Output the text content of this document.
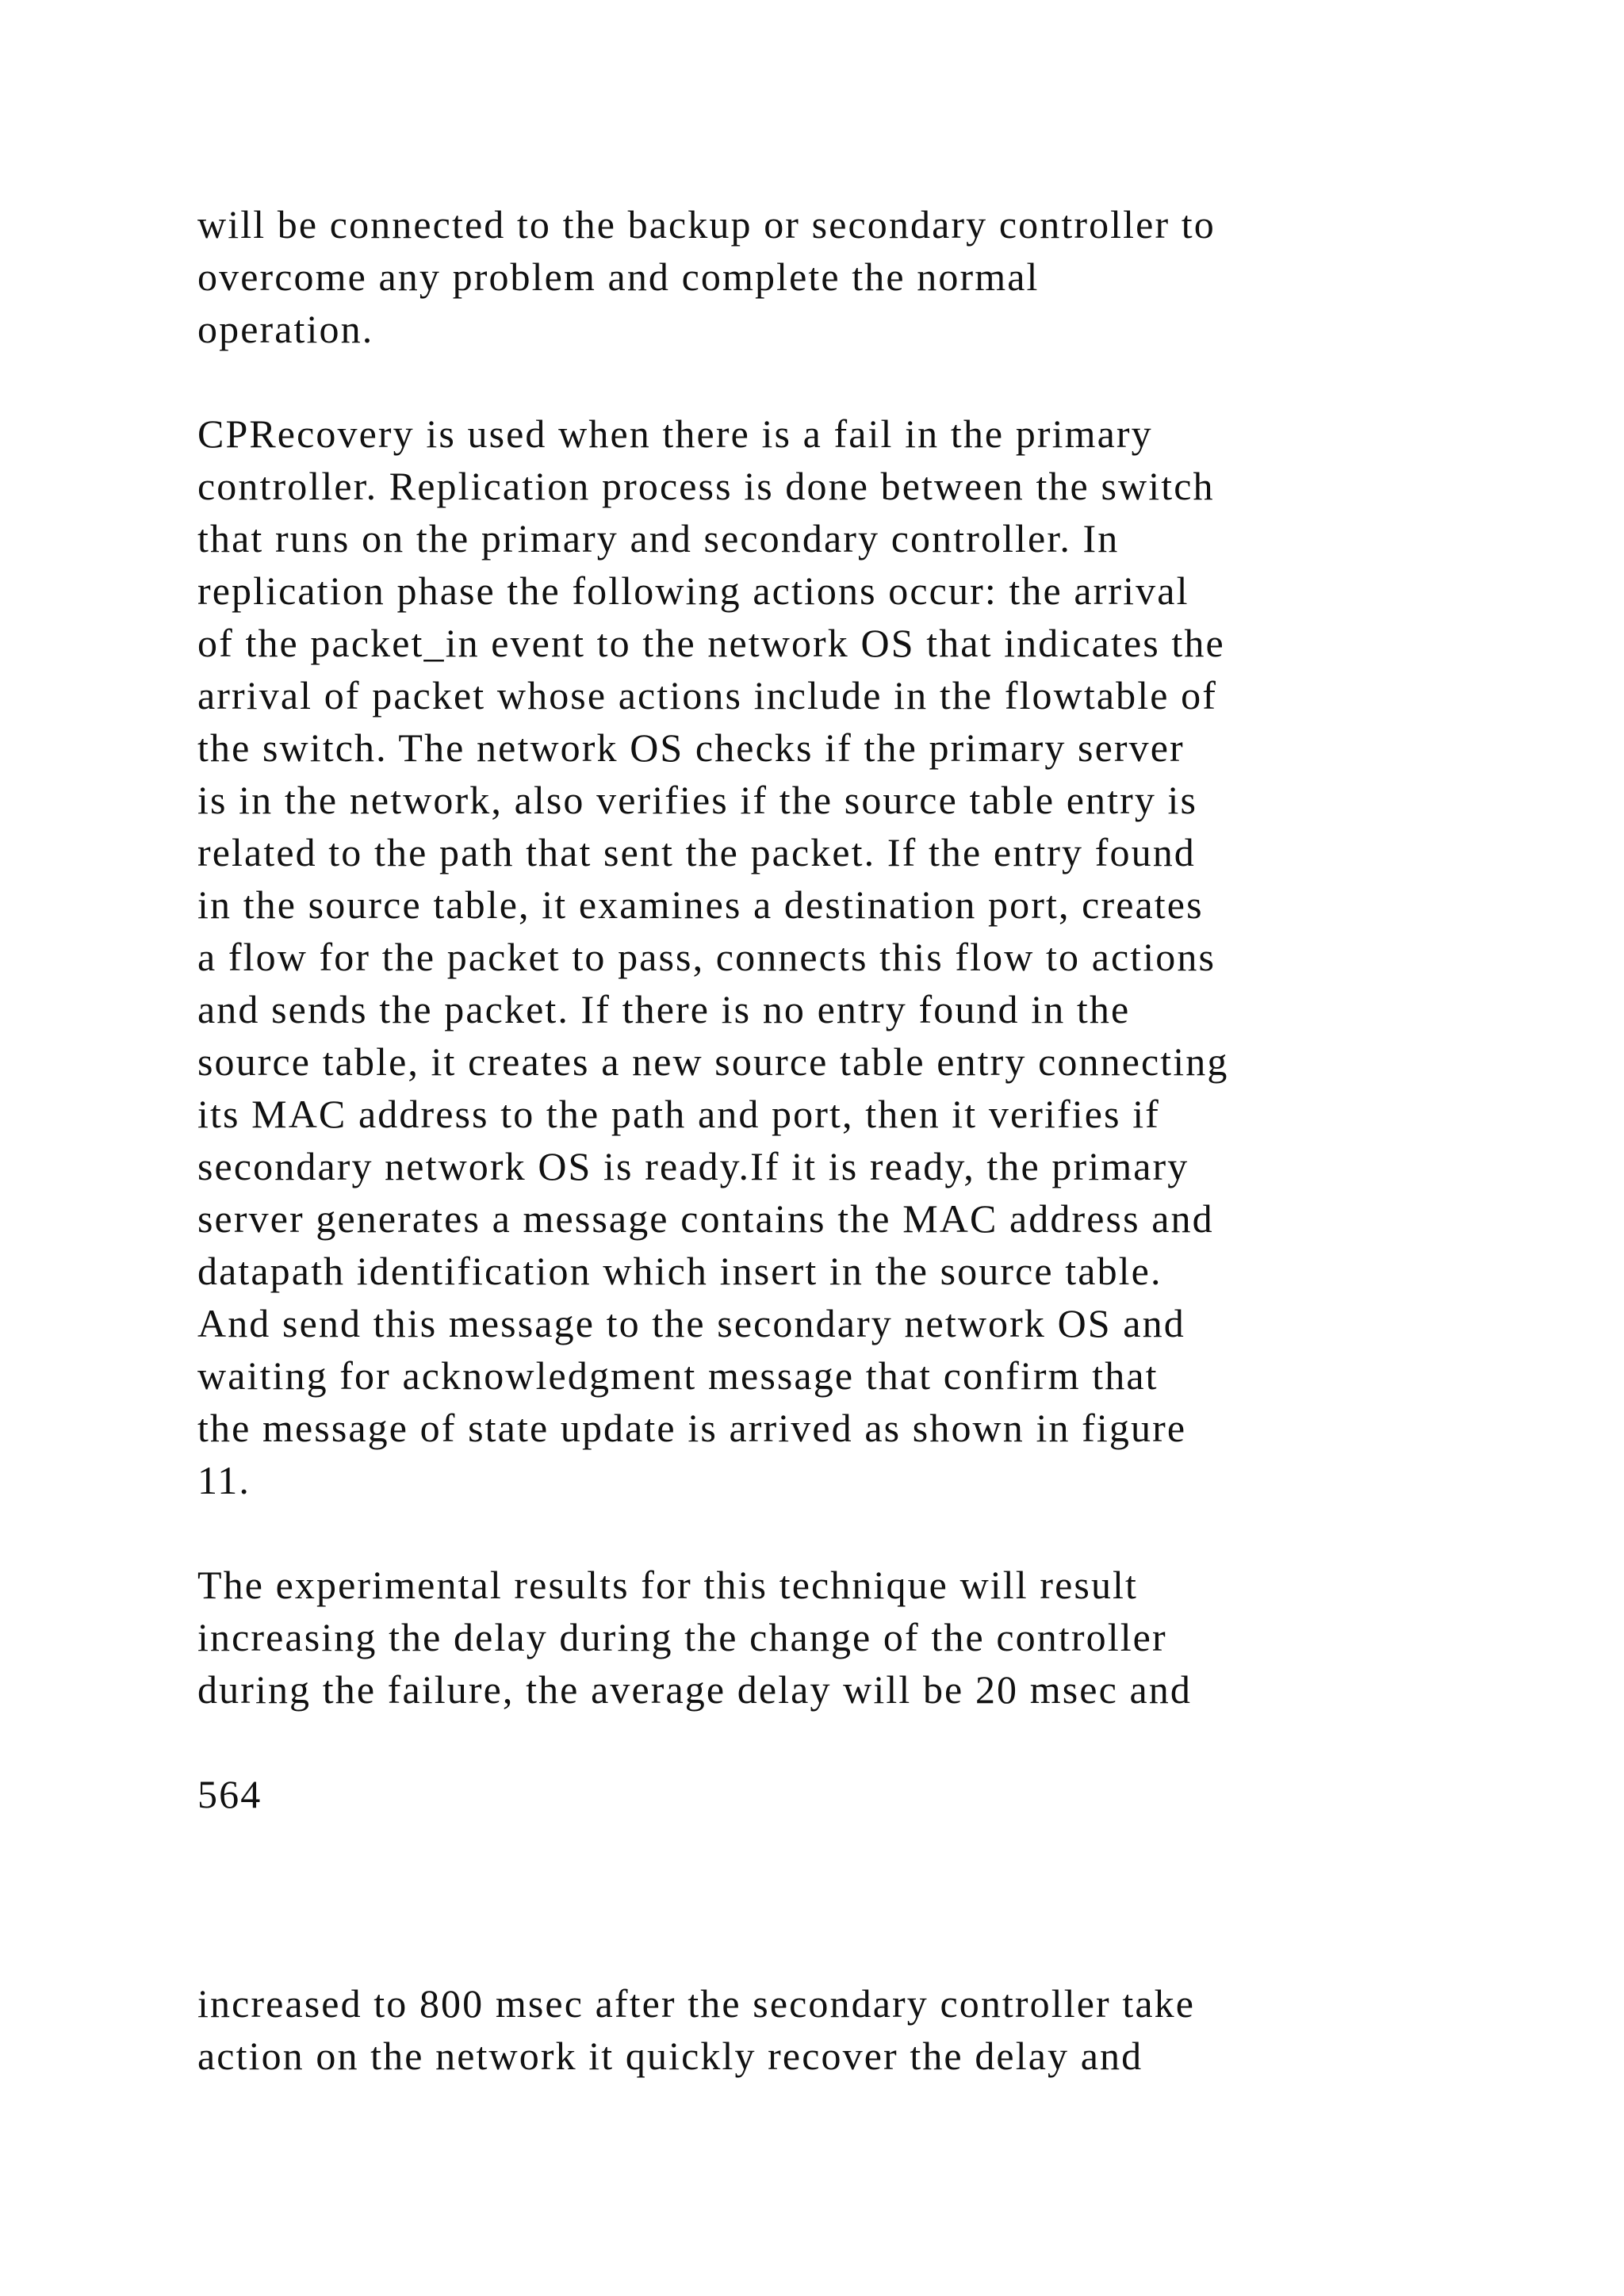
will be connected to the backup or secondary controller to
overcome any problem and complete the normal
operation.
CPRecovery is used when there is a fail in the primary
controller. Replication process is done between the switch
that runs on the primary and secondary controller. In
replication phase the following actions occur: the arrival
of the packet_in event to the network OS that indicates the
arrival of packet whose actions include in the flowtable of
the switch. The network OS checks if the primary server
is in the network, also verifies if the source table entry is
related to the path that sent the packet. If the entry found
in the source table, it examines a destination port, creates
a flow for the packet to pass, connects this flow to actions
and sends the packet. If there is no entry found in the
source table, it creates a new source table entry connecting
its MAC address to the path and port, then it verifies if
secondary network OS is ready.If it is ready, the primary
server generates a message contains the MAC address and
datapath identification which insert in the source table.
And send this message to the secondary network OS and
waiting for acknowledgment message that confirm that
the message of state update is arrived as shown in figure
11.
The experimental results for this technique will result
increasing the delay during the change of the controller
during the failure, the average delay will be 20 msec and
564
increased to 800 msec after the secondary controller take
action on the network it quickly recover the delay and
